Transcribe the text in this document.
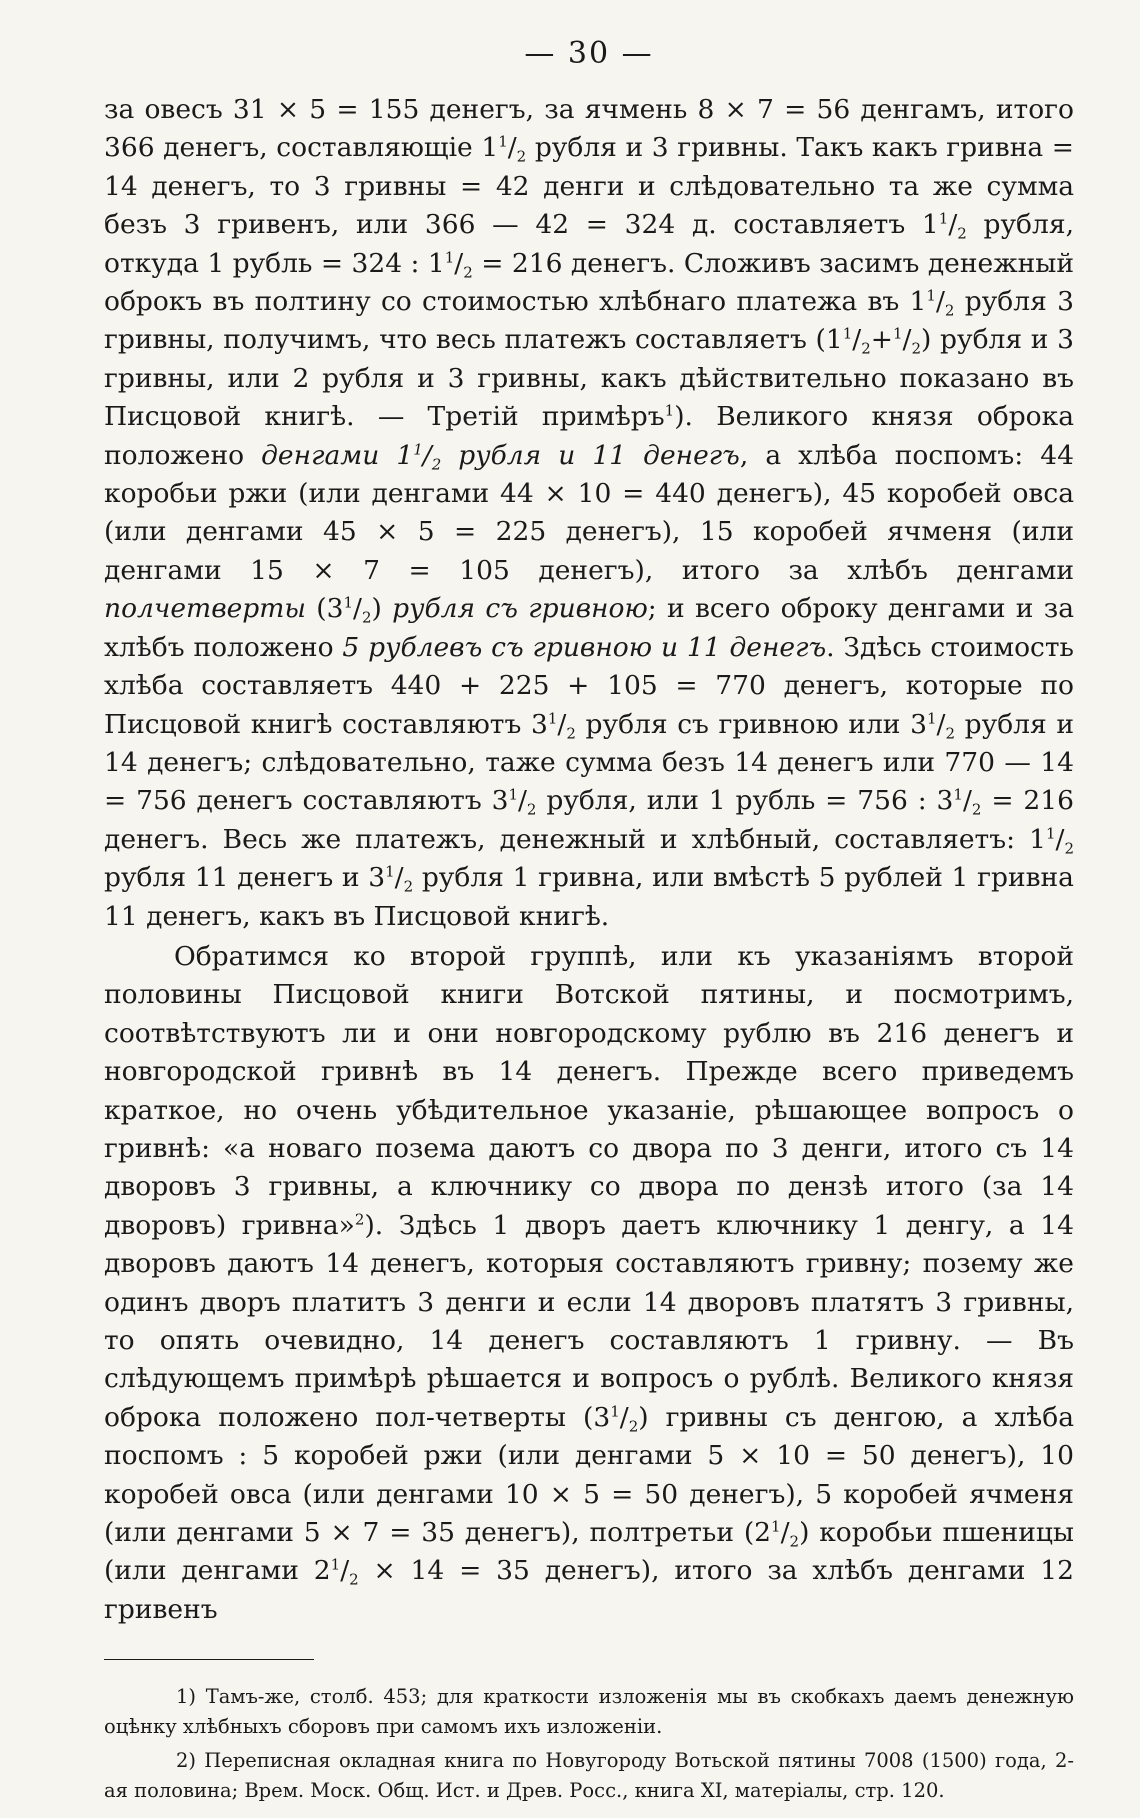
— 30 —

за овесъ 31 × 5 = 155 денегъ, за ячмень 8 × 7 = 56 денгамъ, итого 366 денегъ, составляющіе $1^1/_2$ рубля и 3 гривны. Такъ какъ гривна = 14 денегъ, то 3 гривны = 42 денги и слѣдовательно та же сумма безъ 3 гривенъ, или 366 — 42 = 324 д. составляетъ $1^1/_2$ рубля, откуда 1 рубль = 324 : $1^1/_2 = 216$ денегъ. Сложивъ засимъ денежный оброкъ въ полтину со стоимостью хлѣбнаго платежа въ $1^1/_2$ рубля 3 гривны, получимъ, что весь платежъ составляетъ $(1^1/_2+^1/_2)$ рубля и 3 гривны, или 2 рубля и 3 гривны, какъ дѣйствительно показано въ Писцовой книгѣ. — Третій примѣръ$^1$). Великого князя оброка положено денгами $1^1/_2$ рубля и 11 денегъ, а хлѣба поспомъ: 44 коробьи ржи (или денгами 44 × 10 = 440 денегъ), 45 коробей овса (или денгами 45 × 5 = 225 денегъ), 15 коробей ячменя (или денгами 15 × 7 = 105 денегъ), итого за хлѣбъ денгами полчетверты $(3^1/_2)$ рубля съ гривною; и всего оброку денгами и за хлѣбъ положено 5 рублевъ съ гривною и 11 денегъ. Здѣсь стоимость хлѣба составляетъ 440 + 225 + 105 = 770 денегъ, которые по Писцовой книгѣ составляютъ $3^1/_2$ рубля съ гривною или $3^1/_2$ рубля и 14 денегъ; слѣдовательно, таже сумма безъ 14 денегъ или 770 — 14 = 756 денегъ составляютъ $3^1/_2$ рубля, или 1 рубль = 756 : $3^1/_2 = 216$ денегъ. Весь же платежъ, денежный и хлѣбный, составляетъ: $1^1/_2$ рубля 11 денегъ и $3^1/_2$ рубля 1 гривна, или вмѣстѣ 5 рублей 1 гривна 11 денегъ, какъ въ Писцовой книгѣ.

Обратимся ко второй группѣ, или къ указаніямъ второй половины Писцовой книги Вотской пятины, и посмотримъ, соотвѣтствуютъ ли и они новгородскому рублю въ 216 денегъ и новгородской гривнѣ въ 14 денегъ. Прежде всего приведемъ краткое, но очень убѣдительное указаніе, рѣшающее вопросъ о гривнѣ: «а новаго позема даютъ со двора по 3 денги, итого съ 14 дворовъ 3 гривны, а ключнику со двора по дензѣ итого (за 14 дворовъ) гривна»$^2$). Здѣсь 1 дворъ даетъ ключнику 1 денгу, а 14 дворовъ даютъ 14 денегъ, которыя составляютъ гривну; позему же одинъ дворъ платитъ 3 денги и если 14 дворовъ платятъ 3 гривны, то опять очевидно, 14 денегъ составляютъ 1 гривну. — Въ слѣдующемъ примѣрѣ рѣшается и вопросъ о рублѣ. Великого князя оброка положено пол-четверты $(3^1/_2)$ гривны съ денгою, а хлѣба поспомъ : 5 коробей ржи (или денгами 5 × 10 = 50 денегъ), 10 коробей овса (или денгами 10 × 5 = 50 денегъ), 5 коробей ячменя (или денгами 5 × 7 = 35 денегъ), полтретьи $(2^1/_2)$ коробьи пшеницы (или денгами $2^1/_2 \times 14 = 35$ денегъ), итого за хлѣбъ денгами 12 гривенъ

1) Тамъ-же, столб. 453; для краткости изложенія мы въ скобкахъ даемъ денежную оцѣнку хлѣбныхъ сборовъ при самомъ ихъ изложеніи.

2) Переписная окладная книга по Новугороду Вотьской пятины 7008 (1500) года, 2-ая половина; Врем. Моск. Общ. Ист. и Древ. Росс., книга XI, матеріалы, стр. 120.
